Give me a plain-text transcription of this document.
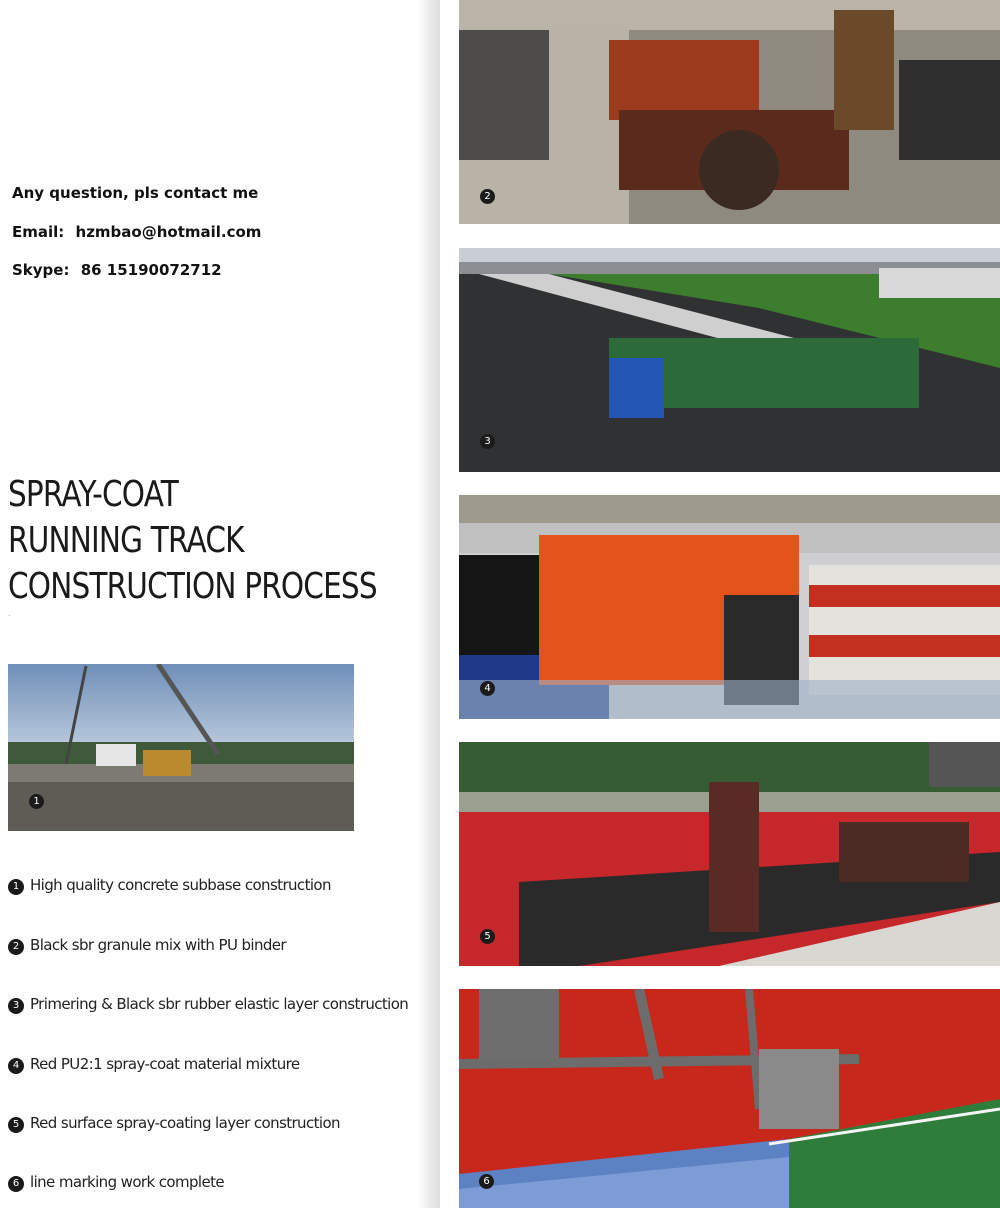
Any question, pls contact me
Email: hzmbao@hotmail.com
Skype: 86 15190072712
SPRAY-COAT
RUNNING TRACK
CONSTRUCTION PROCESS
.
1
2
3
4
5
6
1 High quality concrete subbase construction
2 Black sbr granule mix with PU binder
3 Primering & Black sbr rubber elastic layer construction
4 Red PU2:1 spray-coat material mixture
5 Red surface spray-coating layer construction
6 line marking work complete
